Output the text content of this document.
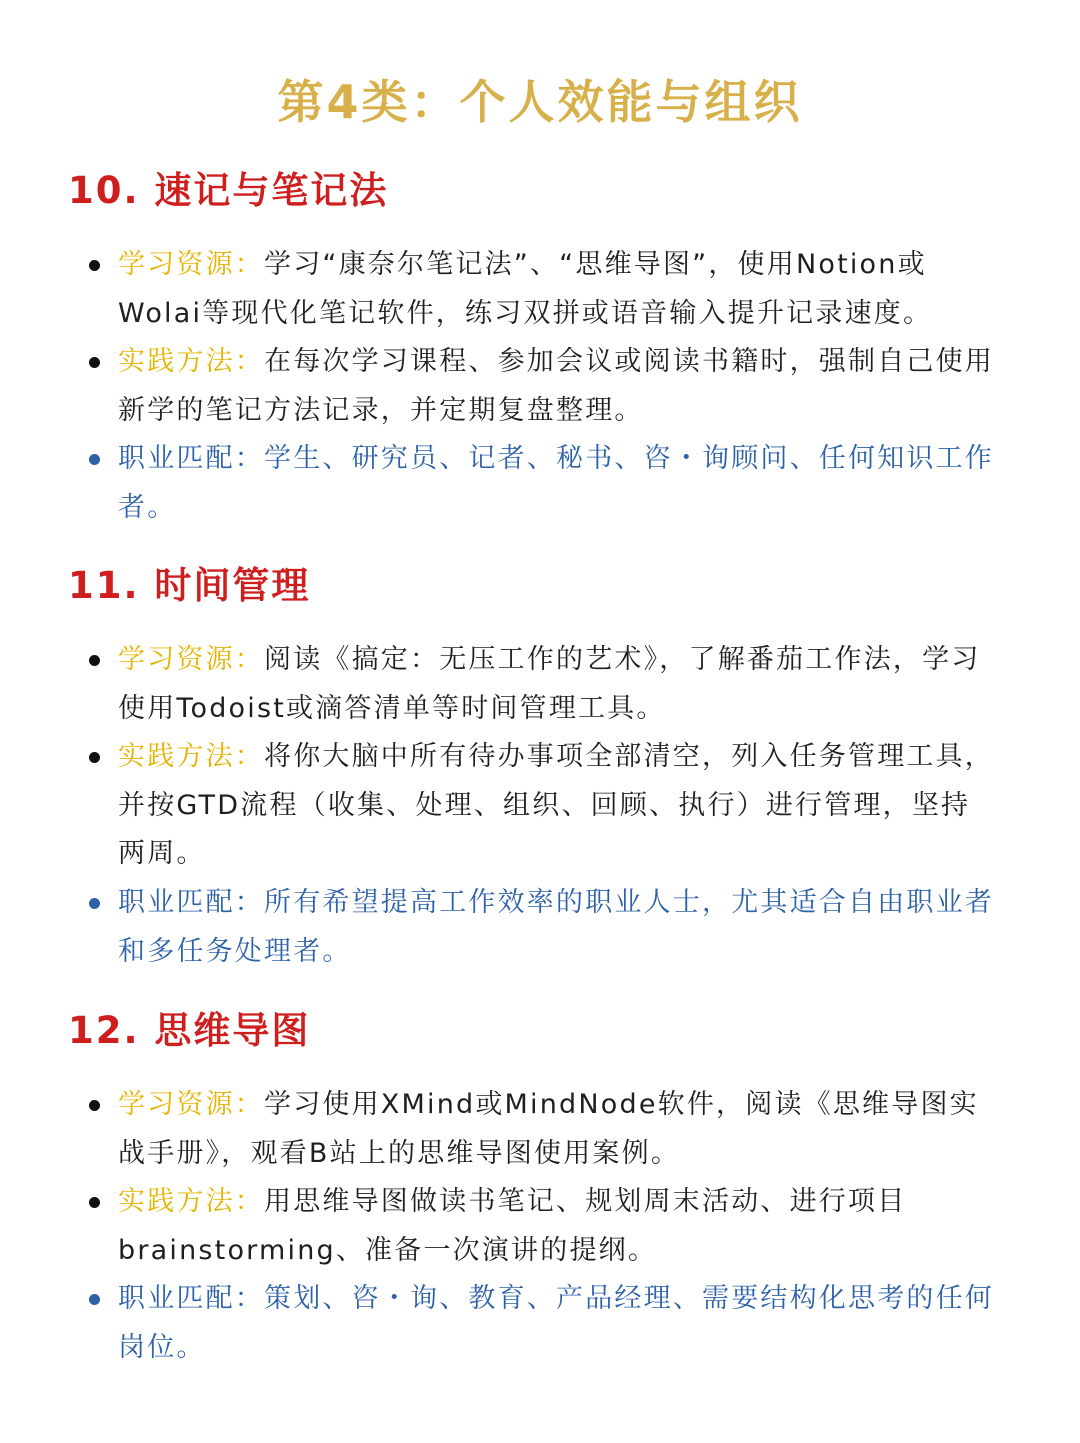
第4类：个人效能与组织
10. 速记与笔记法
学习资源：学习“康奈尔笔记法”、“思维导图”，使用Notion或Wolai等现代化笔记软件，练习双拼或语音输入提升记录速度。
实践方法：在每次学习课程、参加会议或阅读书籍时，强制自己使用新学的笔记方法记录，并定期复盘整理。
职业匹配：学生、研究员、记者、秘书、咨・询顾问、任何知识工作者。
11. 时间管理
学习资源：阅读《搞定：无压工作的艺术》，了解番茄工作法，学习使用Todoist或滴答清单等时间管理工具。
实践方法：将你大脑中所有待办事项全部清空，列入任务管理工具，并按GTD流程（收集、处理、组织、回顾、执行）进行管理，坚持两周。
职业匹配：所有希望提高工作效率的职业人士，尤其适合自由职业者和多任务处理者。
12. 思维导图
学习资源：学习使用XMind或MindNode软件，阅读《思维导图实战手册》，观看B站上的思维导图使用案例。
实践方法：用思维导图做读书笔记、规划周末活动、进行项目brainstorming、准备一次演讲的提纲。
职业匹配：策划、咨・询、教育、产品经理、需要结构化思考的任何岗位。
